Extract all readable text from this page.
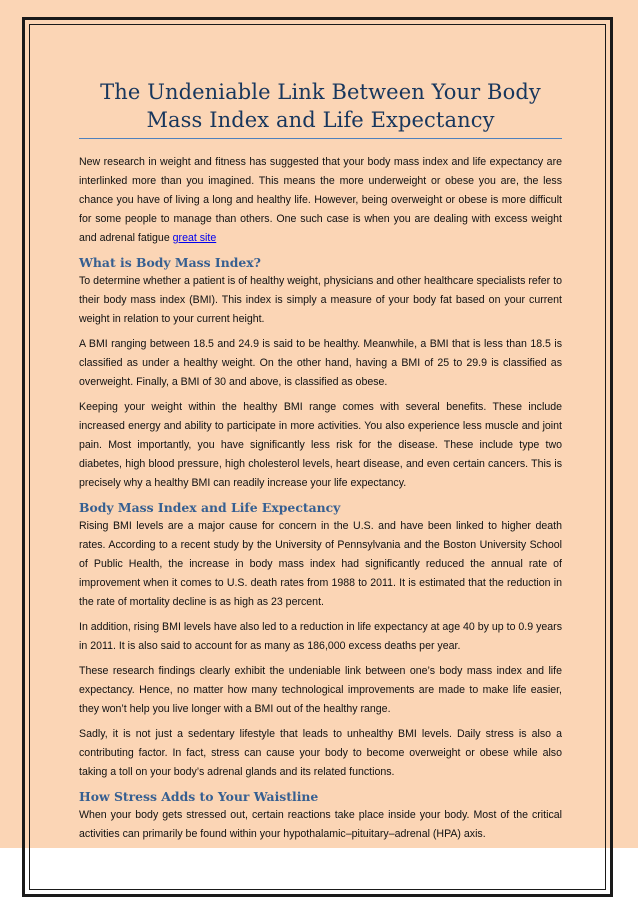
The Undeniable Link Between Your Body Mass Index and Life Expectancy

New research in weight and fitness has suggested that your body mass index and life expectancy are interlinked more than you imagined. This means the more underweight or obese you are, the less chance you have of living a long and healthy life. However, being overweight or obese is more difficult for some people to manage than others. One such case is when you are dealing with excess weight and adrenal fatigue great site

What is Body Mass Index?

To determine whether a patient is of healthy weight, physicians and other healthcare specialists refer to their body mass index (BMI). This index is simply a measure of your body fat based on your current weight in relation to your current height.

A BMI ranging between 18.5 and 24.9 is said to be healthy. Meanwhile, a BMI that is less than 18.5 is classified as under a healthy weight. On the other hand, having a BMI of 25 to 29.9 is classified as overweight. Finally, a BMI of 30 and above, is classified as obese.

Keeping your weight within the healthy BMI range comes with several benefits. These include increased energy and ability to participate in more activities. You also experience less muscle and joint pain. Most importantly, you have significantly less risk for the disease. These include type two diabetes, high blood pressure, high cholesterol levels, heart disease, and even certain cancers. This is precisely why a healthy BMI can readily increase your life expectancy.

Body Mass Index and Life Expectancy

Rising BMI levels are a major cause for concern in the U.S. and have been linked to higher death rates. According to a recent study by the University of Pennsylvania and the Boston University School of Public Health, the increase in body mass index had significantly reduced the annual rate of improvement when it comes to U.S. death rates from 1988 to 2011. It is estimated that the reduction in the rate of mortality decline is as high as 23 percent.

In addition, rising BMI levels have also led to a reduction in life expectancy at age 40 by up to 0.9 years in 2011. It is also said to account for as many as 186,000 excess deaths per year.

These research findings clearly exhibit the undeniable link between one’s body mass index and life expectancy. Hence, no matter how many technological improvements are made to make life easier, they won’t help you live longer with a BMI out of the healthy range.

Sadly, it is not just a sedentary lifestyle that leads to unhealthy BMI levels. Daily stress is also a contributing factor. In fact, stress can cause your body to become overweight or obese while also taking a toll on your body’s adrenal glands and its related functions.

How Stress Adds to Your Waistline

When your body gets stressed out, certain reactions take place inside your body. Most of the critical activities can primarily be found within your hypothalamic–pituitary–adrenal (HPA) axis.
